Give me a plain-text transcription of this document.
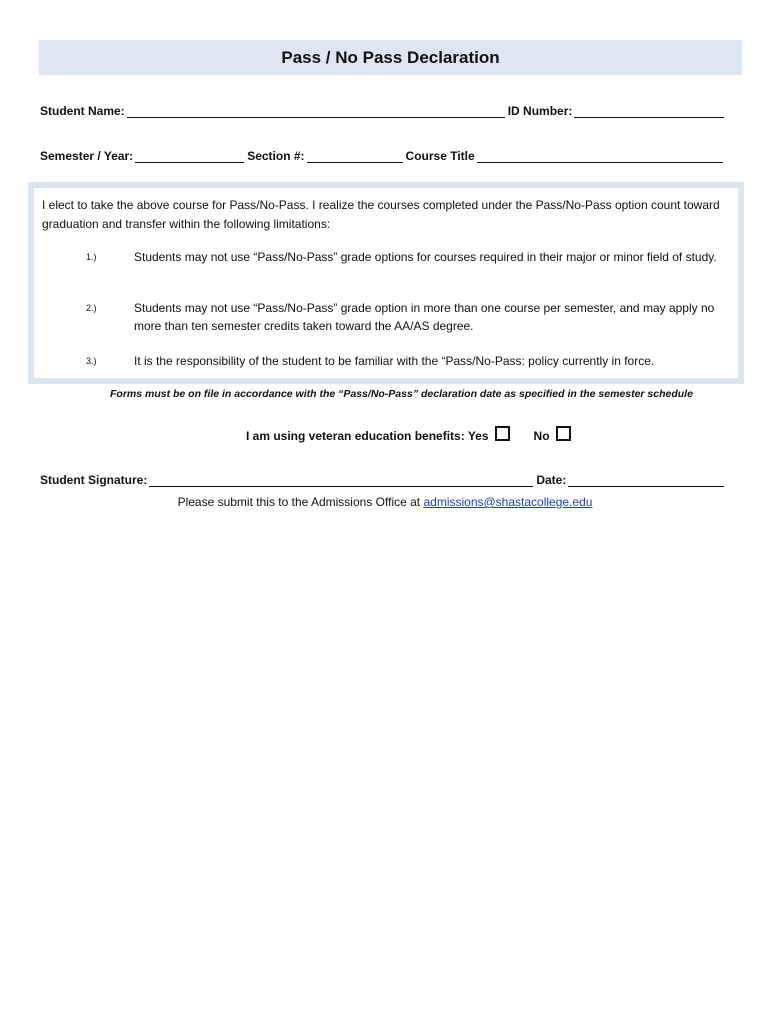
Pass / No Pass Declaration
Student Name:	ID Number:
Semester / Year:	Section #:	Course Title
I elect to take the above course for Pass/No-Pass. I realize the courses completed under the Pass/No-Pass option count toward graduation and transfer within the following limitations:
1.)	Students may not use “Pass/No-Pass” grade options for courses required in their major or minor field of study.
2.)	Students may not use “Pass/No-Pass” grade option in more than one course per semester, and may apply no more than ten semester credits taken toward the AA/AS degree.
3.)	It is the responsibility of the student to be familiar with the “Pass/No-Pass: policy currently in force.
Forms must be on file in accordance with the “Pass/No-Pass” declaration date as specified in the semester schedule
I am using veteran education benefits: Yes	No
Student Signature:	Date:
Please submit this to the Admissions Office at admissions@shastacollege.edu
